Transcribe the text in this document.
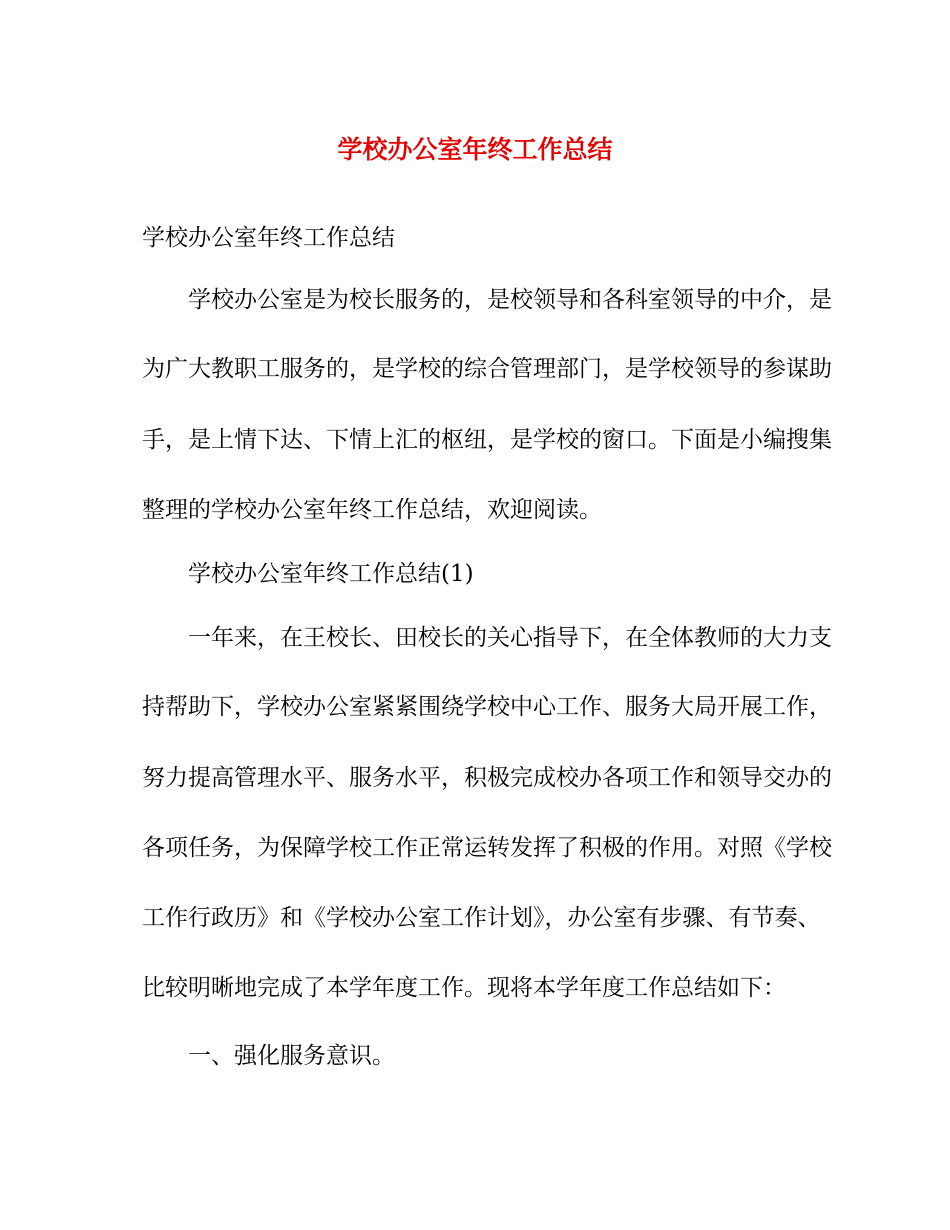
学校办公室年终工作总结
学校办公室年终工作总结
学校办公室是为校长服务的，是校领导和各科室领导的中介，是
为广大教职工服务的，是学校的综合管理部门，是学校领导的参谋助
手，是上情下达、下情上汇的枢纽，是学校的窗口。下面是小编搜集
整理的学校办公室年终工作总结，欢迎阅读。
学校办公室年终工作总结(1)
一年来，在王校长、田校长的关心指导下，在全体教师的大力支
持帮助下，学校办公室紧紧围绕学校中心工作、服务大局开展工作，
努力提高管理水平、服务水平，积极完成校办各项工作和领导交办的
各项任务，为保障学校工作正常运转发挥了积极的作用。对照《学校
工作行政历》和《学校办公室工作计划》，办公室有步骤、有节奏、
比较明晰地完成了本学年度工作。现将本学年度工作总结如下：
一、强化服务意识。
